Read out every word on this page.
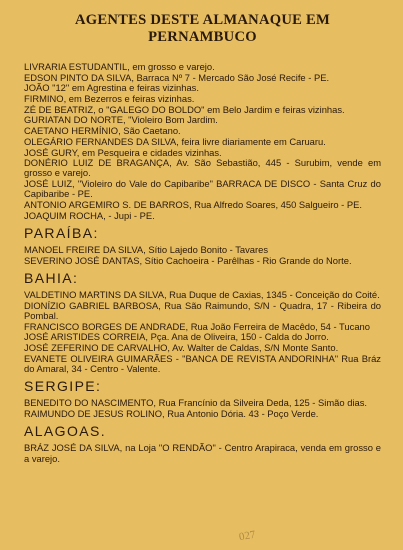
AGENTES DESTE ALMANAQUE EM PERNAMBUCO

LIVRARIA ESTUDANTIL, em grosso e varejo.

EDSON PINTO DA SILVA, Barraca Nº 7 - Mercado São José Recife - PE.

JOÃO "12" em Agrestina e feiras vizinhas.

FIRMINO, em Bezerros e feiras vizinhas.

ZÉ DE BEATRIZ, o "GALEGO DO BOLDO" em Belo Jardim e feiras vizinhas.

GURIATAN DO NORTE, "Violeiro Bom Jardim.

CAETANO HERMÍNIO, São Caetano.

OLEGÁRIO FERNANDES DA SILVA, feira livre diariamente em Caruaru.

JOSÉ GURY, em Pesqueira e cidades vizinhas.

DONÉRIO LUIZ DE BRAGANÇA, Av. São Sebastião, 445 - Surubim, vende em grosso e varejo.

JOSÉ LUIZ, "Violeiro do Vale do Capibaribe" BARRACA DE DISCO - Santa Cruz do Capibaribe - PE.

ANTONIO ARGEMIRO S. DE BARROS, Rua Alfredo Soares, 450 Salgueiro - PE.

JOAQUIM ROCHA, - Jupi - PE.

PARAÍBA:

MANOEL FREIRE DA SILVA, Sítio Lajedo Bonito - Tavares

SEVERINO JOSÉ DANTAS, Sítio Cachoeira - Parêlhas - Rio Grande do Norte.

BAHIA:

VALDETINO MARTINS DA SILVA, Rua Duque de Caxias, 1345 - Conceição do Coité.

DIONÍZIO GABRIEL BARBOSA, Rua São Raimundo, S/N - Quadra, 17 - Ribeira do Pombal.

FRANCISCO BORGES DE ANDRADE, Rua João Ferreira de Macêdo, 54 - Tucano

JOSÉ ARISTIDES CORREIA, Pça. Ana de Oliveira, 150 - Calda do Jorro.

JOSÉ ZEFERINO DE CARVALHO, Av. Walter de Caldas, S/N Monte Santo.

EVANETE OLIVEIRA GUIMARÃES - "BANCA DE REVISTA ANDORINHA" Rua Bráz do Amaral, 34 - Centro - Valente.

SERGIPE:

BENEDITO DO NASCIMENTO, Rua Francínio da Silveira Deda, 125 - Simão dias.

RAIMUNDO DE JESUS ROLINO, Rua Antonio Dória. 43 - Poço Verde.

ALAGOAS.

BRÁZ JOSÉ DA SILVA, na Loja "O RENDÃO" - Centro Arapiraca, venda em grosso e a varejo.

027
